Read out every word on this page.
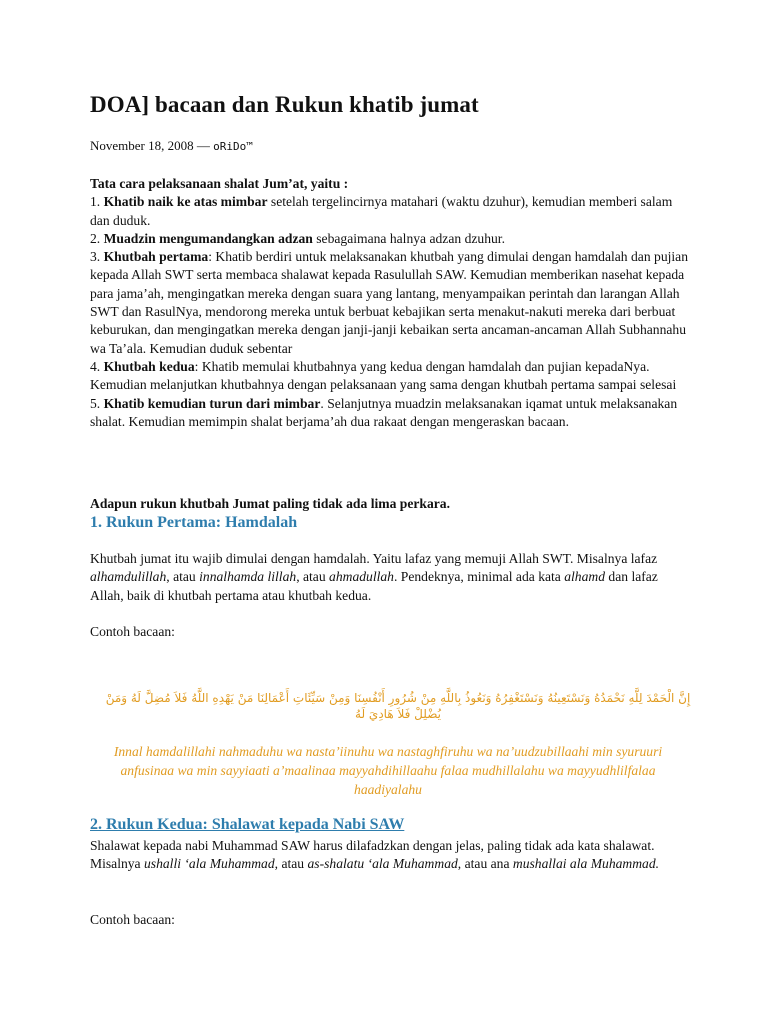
DOA] bacaan dan Rukun khatib jumat
November 18, 2008 — oRiDo™

Tata cara pelaksanaan shalat Jum’at, yaitu :

1. Khatib naik ke atas mimbar setelah tergelincirnya matahari (waktu dzuhur), kemudian memberi salam dan duduk.

2. Muadzin mengumandangkan adzan sebagaimana halnya adzan dzuhur.

3. Khutbah pertama: Khatib berdiri untuk melaksanakan khutbah yang dimulai dengan hamdalah dan pujian kepada Allah SWT serta membaca shalawat kepada Rasulullah SAW. Kemudian memberikan nasehat kepada para jama’ah, mengingatkan mereka dengan suara yang lantang, menyampaikan perintah dan larangan Allah SWT dan RasulNya, mendorong mereka untuk berbuat kebajikan serta menakut-nakuti mereka dari berbuat keburukan, dan mengingatkan mereka dengan janji-janji kebaikan serta ancaman-ancaman Allah Subhannahu wa Ta’ala. Kemudian duduk sebentar

4. Khutbah kedua: Khatib memulai khutbahnya yang kedua dengan hamdalah dan pujian kepadaNya. Kemudian melanjutkan khutbahnya dengan pelaksanaan yang sama dengan khutbah pertama sampai selesai

5. Khatib kemudian turun dari mimbar. Selanjutnya muadzin melaksanakan iqamat untuk melaksanakan shalat. Kemudian memimpin shalat berjama’ah dua rakaat dengan mengeraskan bacaan.

Adapun rukun khutbah Jumat paling tidak ada lima perkara.
1. Rukun Pertama: Hamdalah

Khutbah jumat itu wajib dimulai dengan hamdalah. Yaitu lafaz yang memuji Allah SWT. Misalnya lafaz alhamdulillah, atau innalhamda lillah, atau ahmadullah. Pendeknya, minimal ada kata alhamd dan lafaz Allah, baik di khutbah pertama atau khutbah kedua.

Contoh bacaan:
إِنَّ الْحَمْدَ لِلَّهِ نَحْمَدُهُ وَنَسْتَعِينُهُ وَنَسْتَغْفِرُهُ وَنَعُوذُ بِاللَّهِ مِنْ شُرُورِ أَنْفُسِنَا وَمِنْ سَيِّئَاتِ أَعْمَالِنَا مَنْ يَهْدِهِ اللَّهُ فَلاَ مُضِلَّ لَهُ وَمَنْ يُضْلِلْ فَلاَ هَادِيَ لَهُ
Innal hamdalillahi nahmaduhu wa nasta’iinuhu wa nastaghfiruhu wa na’uudzubillaahi min syuruuri anfusinaa wa min sayyiaati a’maalinaa mayyahdihillaahu falaa mudhillalahu wa mayyudhlilfalaa haadiyalahu
2. Rukun Kedua: Shalawat kepada Nabi SAW

Shalawat kepada nabi Muhammad SAW harus dilafadzkan dengan jelas, paling tidak ada kata shalawat. Misalnya ushalli ‘ala Muhammad, atau as-shalatu ‘ala Muhammad, atau ana mushallai ala Muhammad.

Contoh bacaan:
